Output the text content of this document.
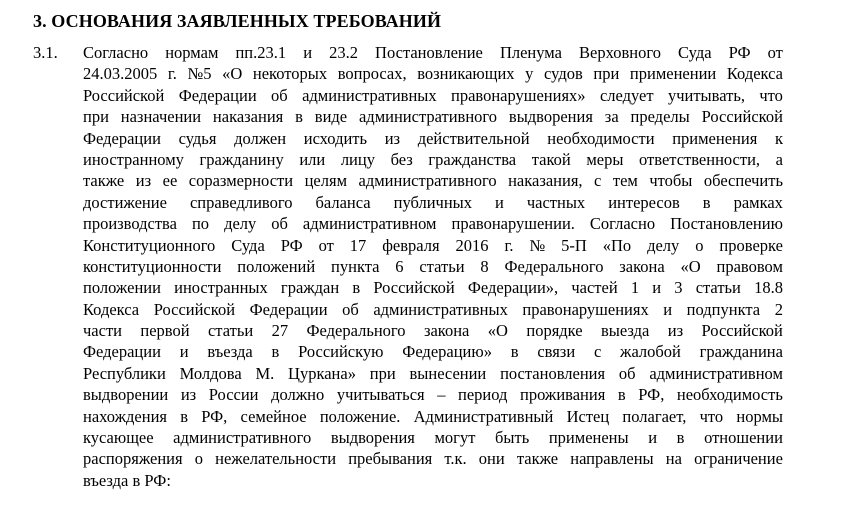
3. ОСНОВАНИЯ ЗАЯВЛЕННЫХ ТРЕБОВАНИЙ
3.1. Согласно нормам пп.23.1 и 23.2 Постановление Пленума Верховного Суда РФ от
24.03.2005 г. №5 «О некоторых вопросах, возникающих у судов при применении Кодекса
Российской Федерации об административных правонарушениях» следует учитывать, что
при назначении наказания в виде административного выдворения за пределы Российской
Федерации судья должен исходить из действительной необходимости применения к
иностранному гражданину или лицу без гражданства такой меры ответственности, а
также из ее соразмерности целям административного наказания, с тем чтобы обеспечить
достижение справедливого баланса публичных и частных интересов в рамках
производства по делу об административном правонарушении. Согласно Постановлению
Конституционного Суда РФ от 17 февраля 2016 г. № 5-П «По делу о проверке
конституционности положений пункта 6 статьи 8 Федерального закона «О правовом
положении иностранных граждан в Российской Федерации», частей 1 и 3 статьи 18.8
Кодекса Российской Федерации об административных правонарушениях и подпункта 2
части первой статьи 27 Федерального закона «О порядке выезда из Российской
Федерации и въезда в Российскую Федерацию» в связи с жалобой гражданина
Республики Молдова М. Цуркана» при вынесении постановления об административном
выдворении из России должно учитываться – период проживания в РФ, необходимость
нахождения в РФ, семейное положение. Административный Истец полагает, что нормы
кусающее административного выдворения могут быть применены и в отношении
распоряжения о нежелательности пребывания т.к. они также направлены на ограничение
въезда в РФ:
